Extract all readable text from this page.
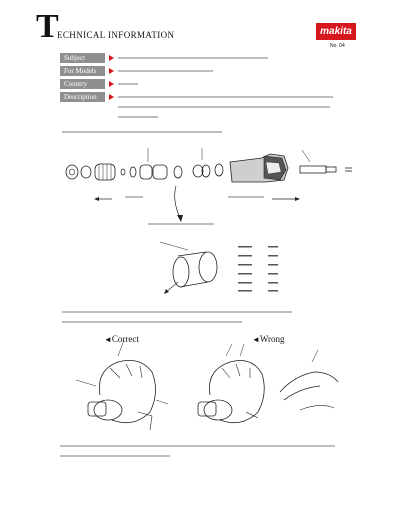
T
ECHNICAL INFORMATION	makita
No. 04
Subject
For Models
Country
Description
◄Correct	◄Wrong
